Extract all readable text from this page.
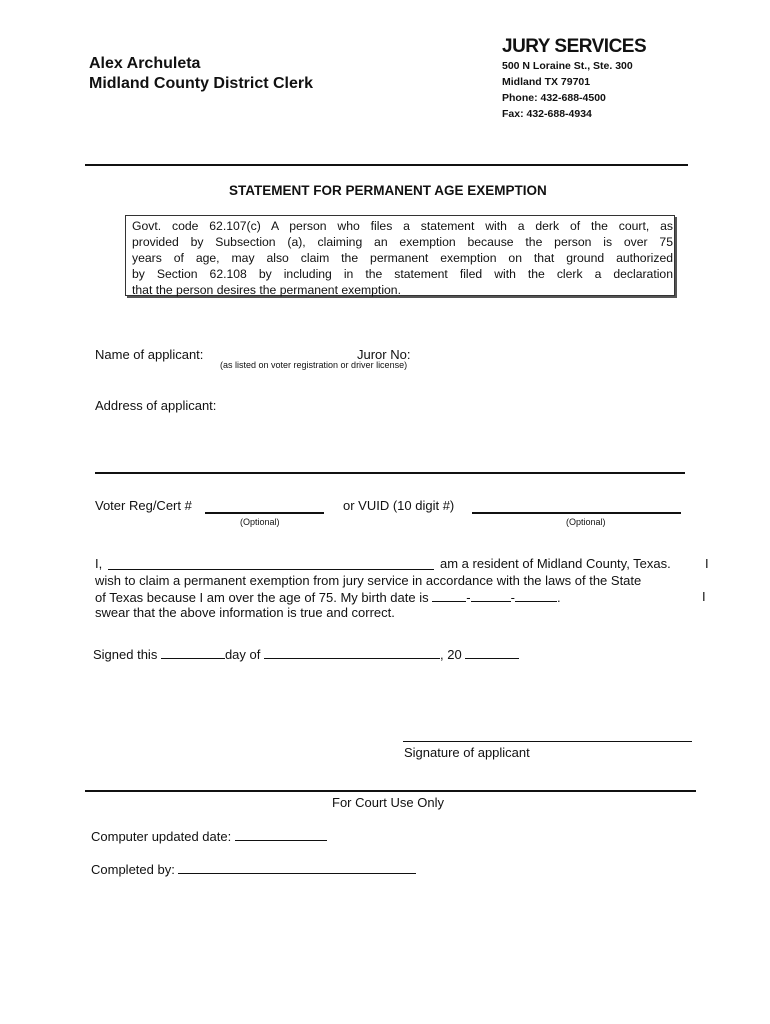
Alex Archuleta
Midland County District Clerk
JURY SERVICES
500 N Loraine St., Ste. 300
Midland TX 79701
Phone: 432-688-4500
Fax: 432-688-4934
STATEMENT FOR PERMANENT AGE EXEMPTION
Govt. code 62.107(c) A person who files a statement with a derk of the court, as
provided by Subsection (a), claiming an exemption because the person is over 75
years of age, may also claim the permanent exemption on that ground authorized
by Section 62.108 by including in the statement filed with the clerk a declaration
that the person desires the permanent exemption.
Name of applicant:	Juror No:
(as listed on voter registration or driver license)
Address of applicant:
Voter Reg/Cert #	or VUID (10 digit #)
(Optional)	(Optional)
I,	am a resident of Midland County, Texas.	I
wish to claim a permanent exemption from jury service in accordance with the laws of the State
of Texas because I am over the age of 75. My birth date is	-	-	.	I
swear that the above information is true and correct.
Signed this	day of	, 20
Signature of applicant
For Court Use Only
Computer updated date:
Completed by:
